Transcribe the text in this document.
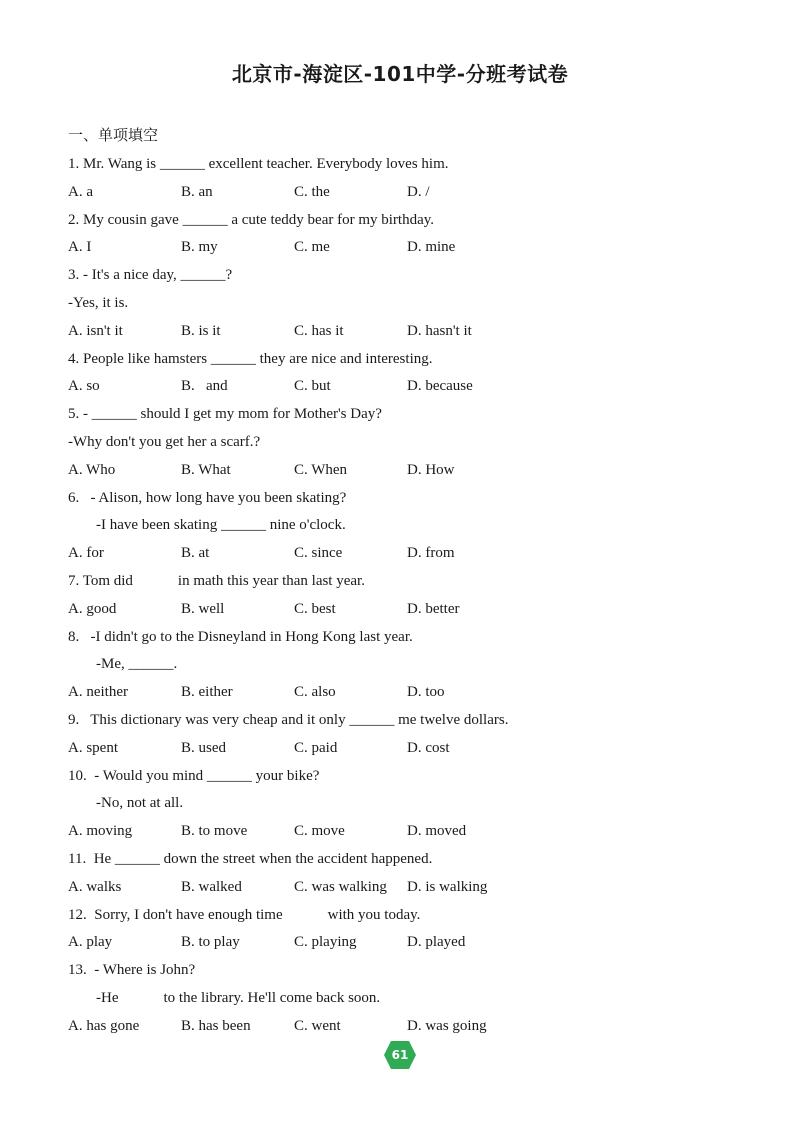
北京市-海淀区-101中学-分班考试卷
一、单项填空
1. Mr. Wang is ______ excellent teacher. Everybody loves him.
A. a	B. an	C. the	D. /
2. My cousin gave ______ a cute teddy bear for my birthday.
A. I	B. my	C. me	D. mine
3. - It's a nice day, ______?
-Yes, it is.
A. isn't it	B. is it	C. has it	D. hasn't it
4. People like hamsters ______ they are nice and interesting.
A. so	B.   and	C. but	D. because
5. - ______ should I get my mom for Mother's Day?
-Why don't you get her a scarf.?
A. Who	B. What	C. When	D. How
6.   - Alison, how long have you been skating?
-I have been skating ______ nine o'clock.
A. for	B. at	C. since	D. from
7. Tom did            in math this year than last year.
A. good	B. well	C. best	D. better
8.   -I didn't go to the Disneyland in Hong Kong last year.
-Me, ______.
A. neither	B. either	C. also	D. too
9.   This dictionary was very cheap and it only ______ me twelve dollars.
A. spent	B. used	C. paid	D. cost
10.  - Would you mind ______ your bike?
-No, not at all.
A. moving	B. to move	C. move	D. moved
11.  He ______ down the street when the accident happened.
A. walks	B. walked	C. was walking	D. is walking
12.  Sorry, I don't have enough time            with you today.
A. play	B. to play	C. playing	D. played
13.  - Where is John?
-He            to the library. He'll come back soon.
A. has gone	B. has been	C. went	D. was going
61
